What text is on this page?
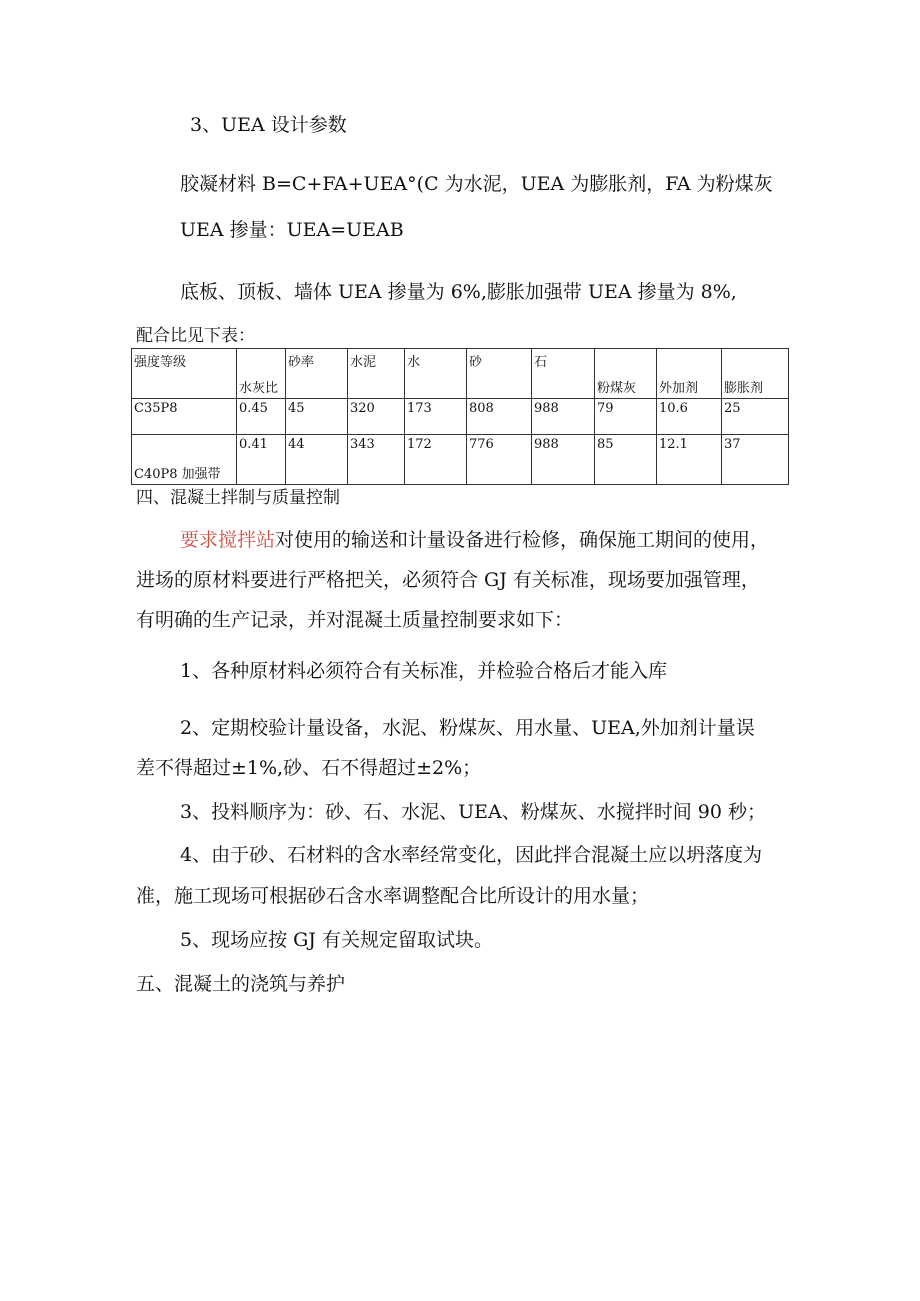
3、UEA 设计参数
胶凝材料 B=C+FA+UEA°(C 为水泥，UEA 为膨胀剂，FA 为粉煤灰
UEA 掺量：UEA=UEAB
底板、顶板、墙体 UEA 掺量为 6%,膨胀加强带 UEA 掺量为 8%,
配合比见下表：
强度等级	水灰比	砂率	水泥	水	砂	石	粉煤灰	外加剂	膨胀剂

C35P8	0.45	45	320	173	808	988	79	10.6	25

C40P8 加强带	0.41	44	343	172	776	988	85	12.1	37
四、混凝土拌制与质量控制
要求搅拌站对使用的输送和计量设备进行检修，确保施工期间的使用，
进场的原材料要进行严格把关，必须符合 GJ 有关标准，现场要加强管理，
有明确的生产记录，并对混凝土质量控制要求如下：
1、各种原材料必须符合有关标准，并检验合格后才能入库
2、定期校验计量设备，水泥、粉煤灰、用水量、UEA,外加剂计量误
差不得超过±1%,砂、石不得超过±2%；
3、投料顺序为：砂、石、水泥、UEA、粉煤灰、水搅拌时间 90 秒；
4、由于砂、石材料的含水率经常变化，因此拌合混凝土应以坍落度为
准，施工现场可根据砂石含水率调整配合比所设计的用水量；
5、现场应按 GJ 有关规定留取试块。
五、混凝土的浇筑与养护
